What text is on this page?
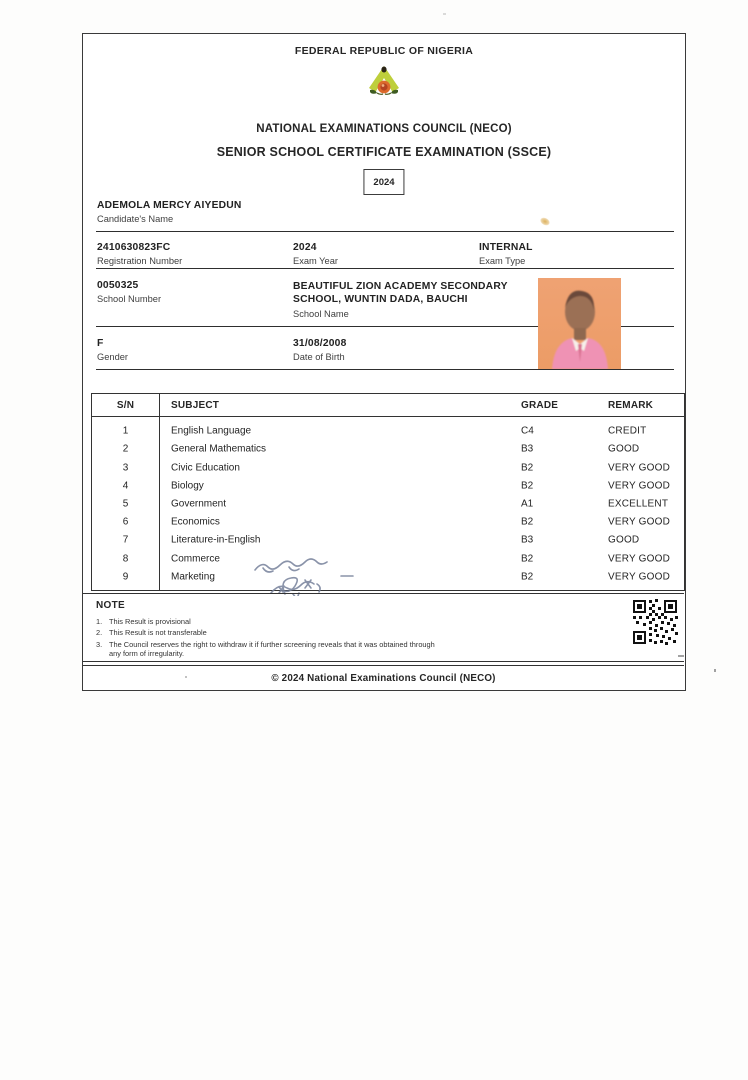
FEDERAL REPUBLIC OF NIGERIA
NATIONAL EXAMINATIONS COUNCIL (NECO)
SENIOR SCHOOL CERTIFICATE EXAMINATION (SSCE)
2024
ADEMOLA MERCY AIYEDUN
Candidate's Name
2410630823FC
Registration Number
2024
Exam Year
INTERNAL
Exam Type
0050325
School Number
BEAUTIFUL ZION ACADEMY SECONDARY SCHOOL, WUNTIN DADA, BAUCHI
School Name
F
Gender
31/08/2008
Date of Birth
S/N	SUBJECT	GRADE	REMARK
1	English Language	C4	CREDIT
2	General Mathematics	B3	GOOD
3	Civic Education	B2	VERY GOOD
4	Biology	B2	VERY GOOD
5	Government	A1	EXCELLENT
6	Economics	B2	VERY GOOD
7	Literature-in-English	B3	GOOD
8	Commerce	B2	VERY GOOD
9	Marketing	B2	VERY GOOD
NOTE
1. This Result is provisional
2. This Result is not transferable
3. The Council reserves the right to withdraw it if further screening reveals that it was obtained through any form of irregularity.
© 2024 National Examinations Council (NECO)
